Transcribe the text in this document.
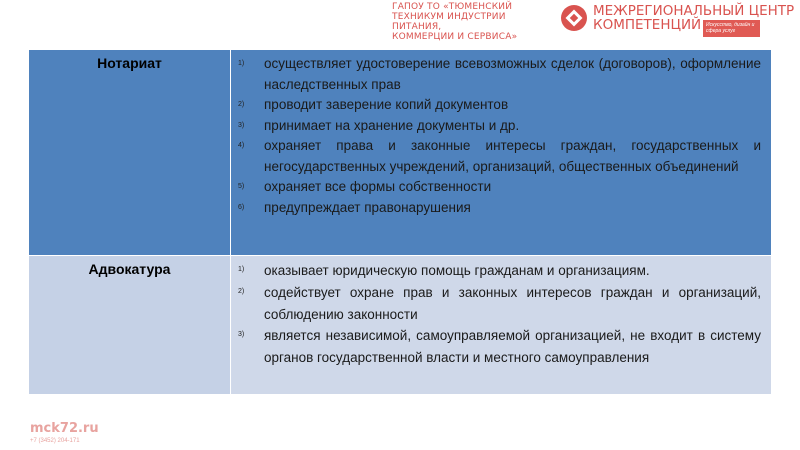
ГАПОУ ТО «ТЮМЕНСКИЙ
ТЕХНИКУМ ИНДУСТРИИ ПИТАНИЯ,
КОММЕРЦИИ И СЕРВИСА»
МЕЖРЕГИОНАЛЬНЫЙ ЦЕНТР
КОМПЕТЕНЦИЙ Искусство, дизайн и сфера услуг
Нотариат	1) осуществляет удостоверение всевозможных сделок (договоров), оформление наследственных прав
2) проводит заверение копий документов
3) принимает на хранение документы и др.
4) охраняет права и законные интересы граждан, государственных и негосударственных учреждений, организаций, общественных объединений
5) охраняет все формы собственности
6) предупреждает правонарушения
Адвокатура	1) оказывает юридическую помощь гражданам и организациям.
2) содействует охране прав и законных интересов граждан и организаций, соблюдению законности
3) является независимой, самоуправляемой организацией, не входит в систему органов государственной власти и местного самоуправления
mck72.ru
+7 (3452) 204-171
